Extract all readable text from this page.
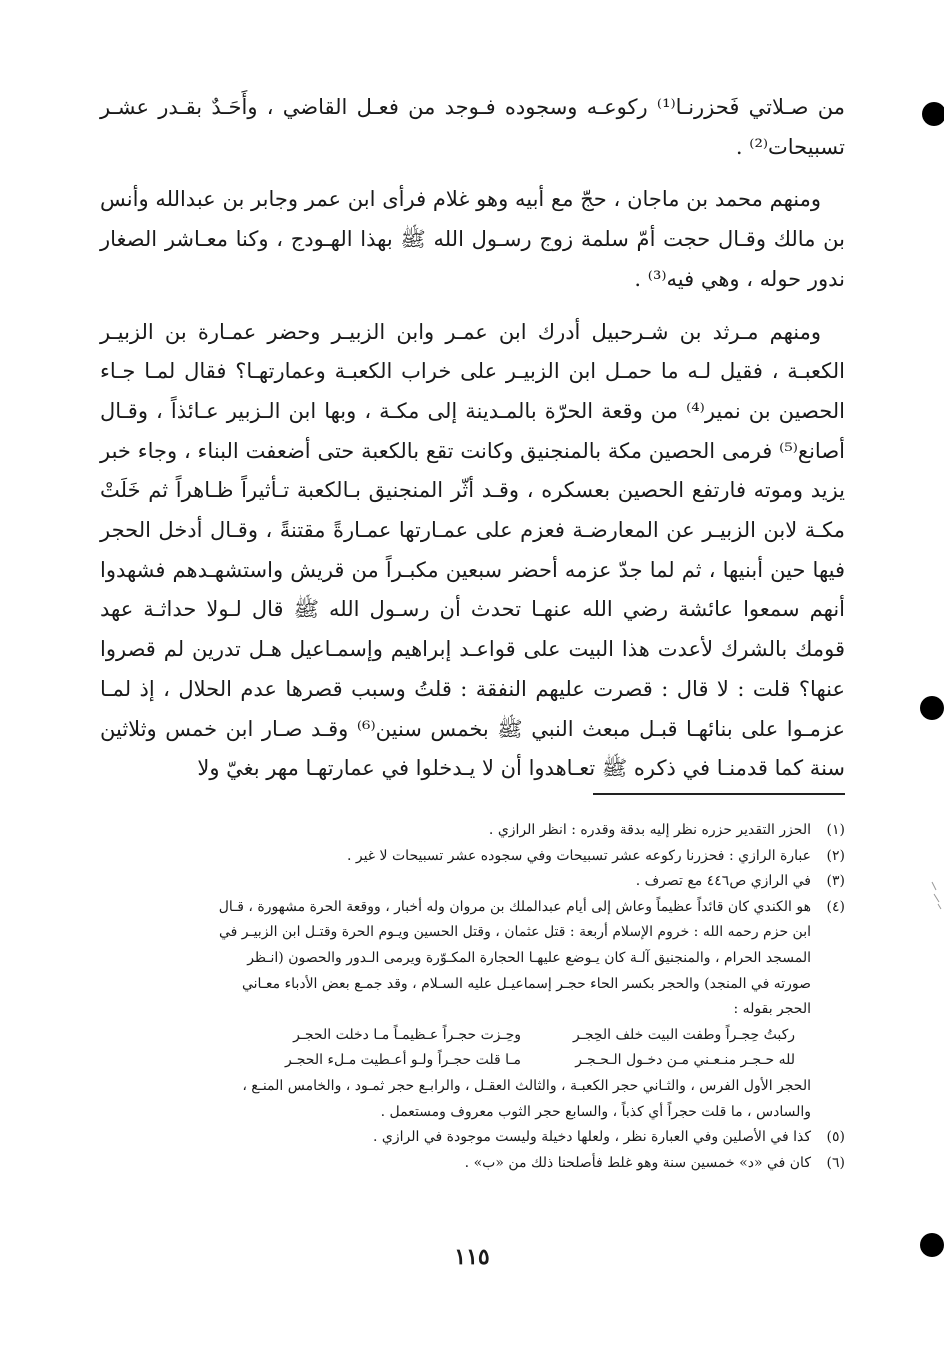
من صـلاتي فَحزرنـا⁽¹⁾ ركوعـه وسجوده فـوجد من فعـل القاضي ، وأَحَـدٌ بقـدر عشـر تسبيحات⁽²⁾ .

ومنهم محمد بن ماجان ، حجّ مع أبيه وهو غلام فرأى ابن عمر وجابر بن عبدالله وأنس بن مالك وقـال حجت أمّ سلمة زوج رسـول الله ﷺ بهذا الهـودج ، وكنا معـاشر الصغار ندور حوله ، وهي فيه⁽³⁾ .

ومنهم مـرثد بن شـرحبيل أدرك ابن عمـر وابن الزبيـر وحضر عمـارة بن الزبيـر الكعبـة ، فقيل لـه ما حمـل ابن الزبيـر على خراب الكعبـة وعمارتهـا؟ فقال لمـا جـاء الحصين بن نمير⁽⁴⁾ من وقعة الحرّة بالمـدينة إلى مكـة ، وبها ابن الـزبير عـائذاً ، وقـال أصانع⁽⁵⁾ فرمى الحصين مكة بالمنجنيق وكانت تقع بالكعبة حتى أضعفت البناء ، وجاء خبر يزيد وموته فارتفع الحصين بعسكره ، وقـد أثّر المنجنيق بـالكعبة تـأثيراً ظـاهراً ثم خَلَتْ مكـة لابن الزبيـر عن المعارضـة فعزم على عمـارتها عمـارةً مقتنةً ، وقـال أدخل الحجر فيها حين أبنيها ، ثم لما جدّ عزمه أحضر سبعين مكبـراً من قريش واستشهـدهم فشهدوا أنهم سمعوا عائشة رضي الله عنهـا تحدث أن رسـول الله ﷺ قال لـولا حداثـة عهد قومك بالشرك لأعدت هذا البيت على قواعـد إبراهيم وإسمـاعيل هـل تدرين لم قصروا عنها؟ قلت : لا قال : قصرت عليهم النفقة : قلتُ وسبب قصرها عدم الحلال ، إذ لمـا عزمـوا على بنائهـا قبـل مبعث النبي ﷺ بخمس سنين⁽⁶⁾ وقـد صـار ابن خمس وثلاثين سنة كما قدمنـا في ذكره ﷺ تعـاهدوا أن لا يـدخلوا في عمارتهـا مهر بغيّ ولا

(١)
الحزر التقدير حزره نظر إليه بدقة وقدره : انظر الرازي .
(٢)
عبارة الرازي : فحزرنا ركوعه عشر تسبيحات وفي سجوده عشر تسبيحات لا غير .
(٣)
في الرازي ص٤٤٦ مع تصرف .
(٤)
هو الكندي كان قائداً عظيماً وعاش إلى أيام عبدالملك بن مروان وله أخبار ، ووقعة الحرة مشهورة ، قـال
ابن حزم رحمه الله : خروم الإسلام أربعة : قتل عثمان ، وقتل الحسين ويـوم الحرة وقتـل ابن الزبيـر في
المسجد الحرام ، والمنجنيق آلـة كان يـوضع عليهـا الحجارة المكـوّرة ويرمى الـدور والحصون (انـظر
صورته في المنجد) والحجر بكسر الحاء حجـر إسماعيـل عليه السـلام ، وقد جمـع بعض الأدباء معـاني
الحجر بقوله :
ركبتُ حِجـراً وطفت البيت خلف الحِجـر
وحِـزت حجـراً عـظيمـاً مـا دخلت الحجـر
لله حـجـر منـعـني مـن دخـول الـحـجـر
مـا قلت حجـراً ولـو أعـطيت مـلء الحجـر
الحجر الأول الفرس ، والثـاني حجر الكعبـة ، والثالث العقـل ، والرابـع حجر ثمـود ، والخامس المنـع ،
والسادس ، ما قلت حجراً أي كذباً ، والسابع حجر الثوب معروف ومستعمل .
(٥)
كذا في الأصلين وفي العبارة نظر ، ولعلها دخيلة وليست موجودة في الرازي .
(٦)
كان في «د» خمسين سنة وهو غلط فأصلحنا ذلك من «ب» .
١١٥
